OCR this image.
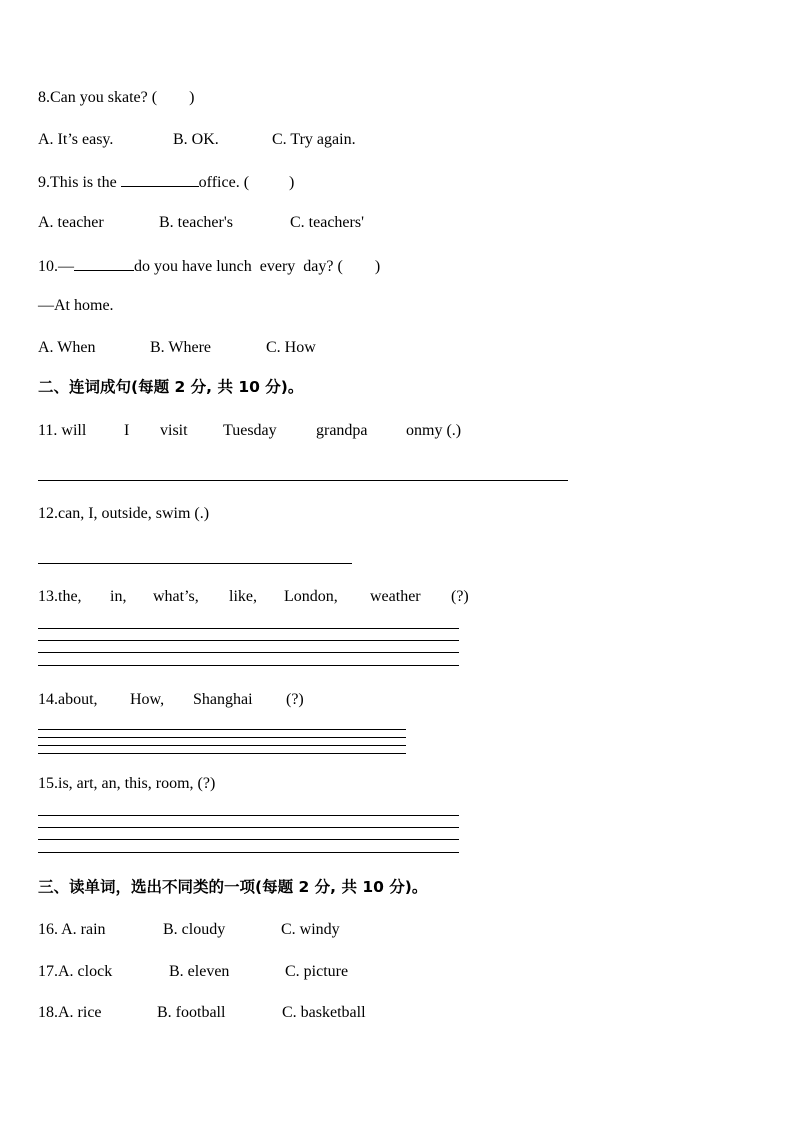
8.Can you skate? (        )
A. It’s easy.	B. OK.	C. Try again.
9.This is the	office. (          )
A. teacher	B. teacher's	C. teachers'
10.—	do you have lunch  every  day? (        )
—At home.
A. When	B. Where	C. How
二、连词成句(每题 2 分, 共 10 分)。
11. will I visit Tuesday grandpa onmy (.)
12.can, I, outside, swim (.)
13.the, in, what’s, like, London, weather (?)
14.about, How, Shanghai (?)
15.is, art, an, this, room, (?)
三、读单词，选出不同类的一项(每题 2 分, 共 10 分)。
16. A. rain	B. cloudy	C. windy
17.A. clock	B. eleven	C. picture
18.A. rice	B. football	C. basketball
